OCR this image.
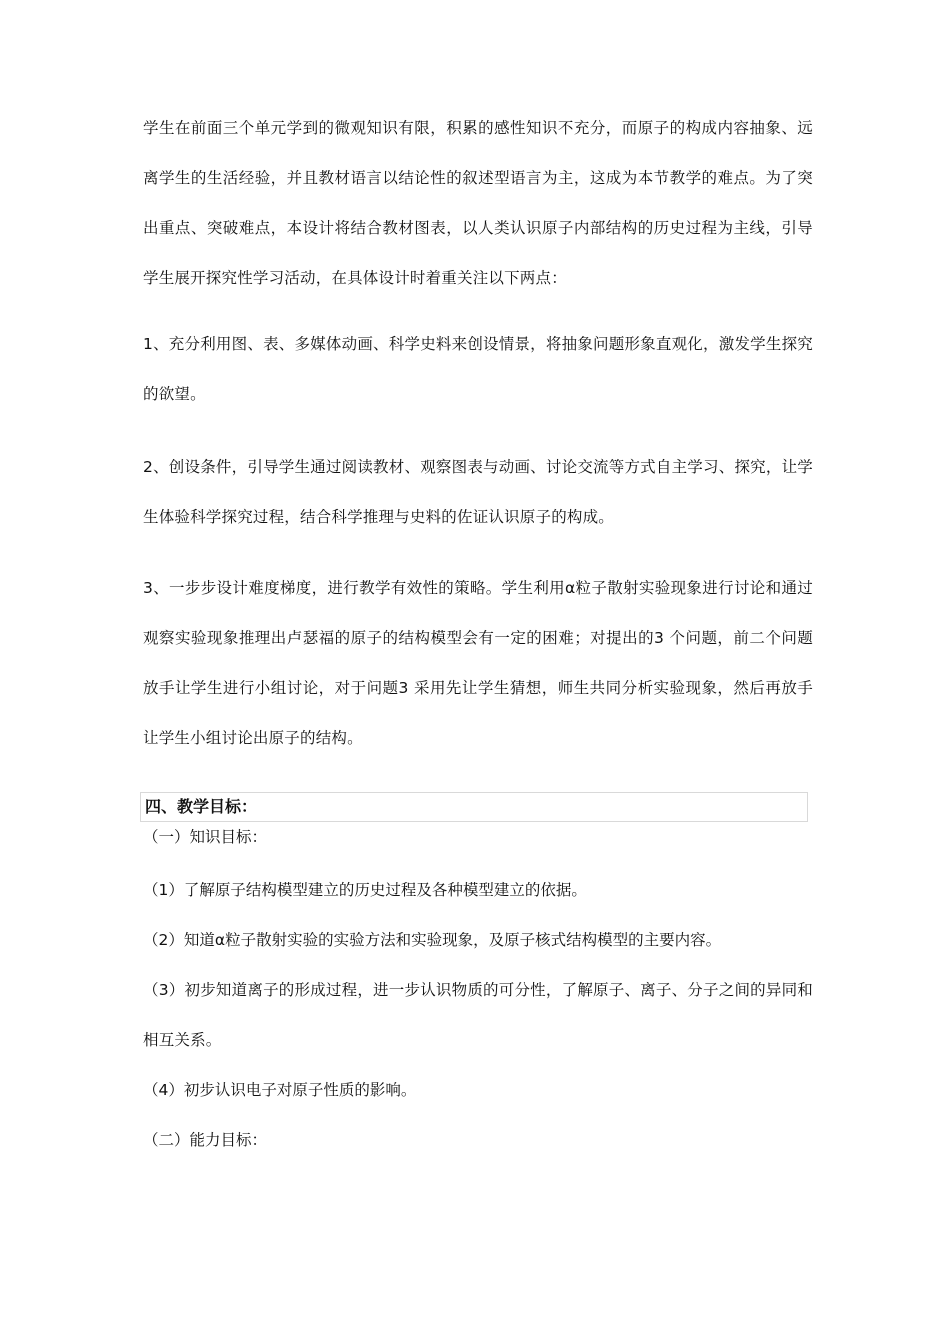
学生在前面三个单元学到的微观知识有限，积累的感性知识不充分，而原子的构成内容抽象、远离学生的生活经验，并且教材语言以结论性的叙述型语言为主，这成为本节教学的难点。为了突出重点、突破难点，本设计将结合教材图表，以人类认识原子内部结构的历史过程为主线，引导学生展开探究性学习活动，在具体设计时着重关注以下两点：
1、充分利用图、表、多媒体动画、科学史料来创设情景，将抽象问题形象直观化，激发学生探究的欲望。
2、创设条件，引导学生通过阅读教材、观察图表与动画、讨论交流等方式自主学习、探究，让学生体验科学探究过程，结合科学推理与史料的佐证认识原子的构成。
3、一步步设计难度梯度，进行教学有效性的策略。学生利用α粒子散射实验现象进行讨论和通过观察实验现象推理出卢瑟福的原子的结构模型会有一定的困难；对提出的3 个问题，前二个问题放手让学生进行小组讨论，对于问题3 采用先让学生猜想，师生共同分析实验现象，然后再放手让学生小组讨论出原子的结构。
四、教学目标：
（一）知识目标：
（1）了解原子结构模型建立的历史过程及各种模型建立的依据。
（2）知道α粒子散射实验的实验方法和实验现象，及原子核式结构模型的主要内容。
（3）初步知道离子的形成过程，进一步认识物质的可分性，了解原子、离子、分子之间的异同和相互关系。
（4）初步认识电子对原子性质的影响。
（二）能力目标：
